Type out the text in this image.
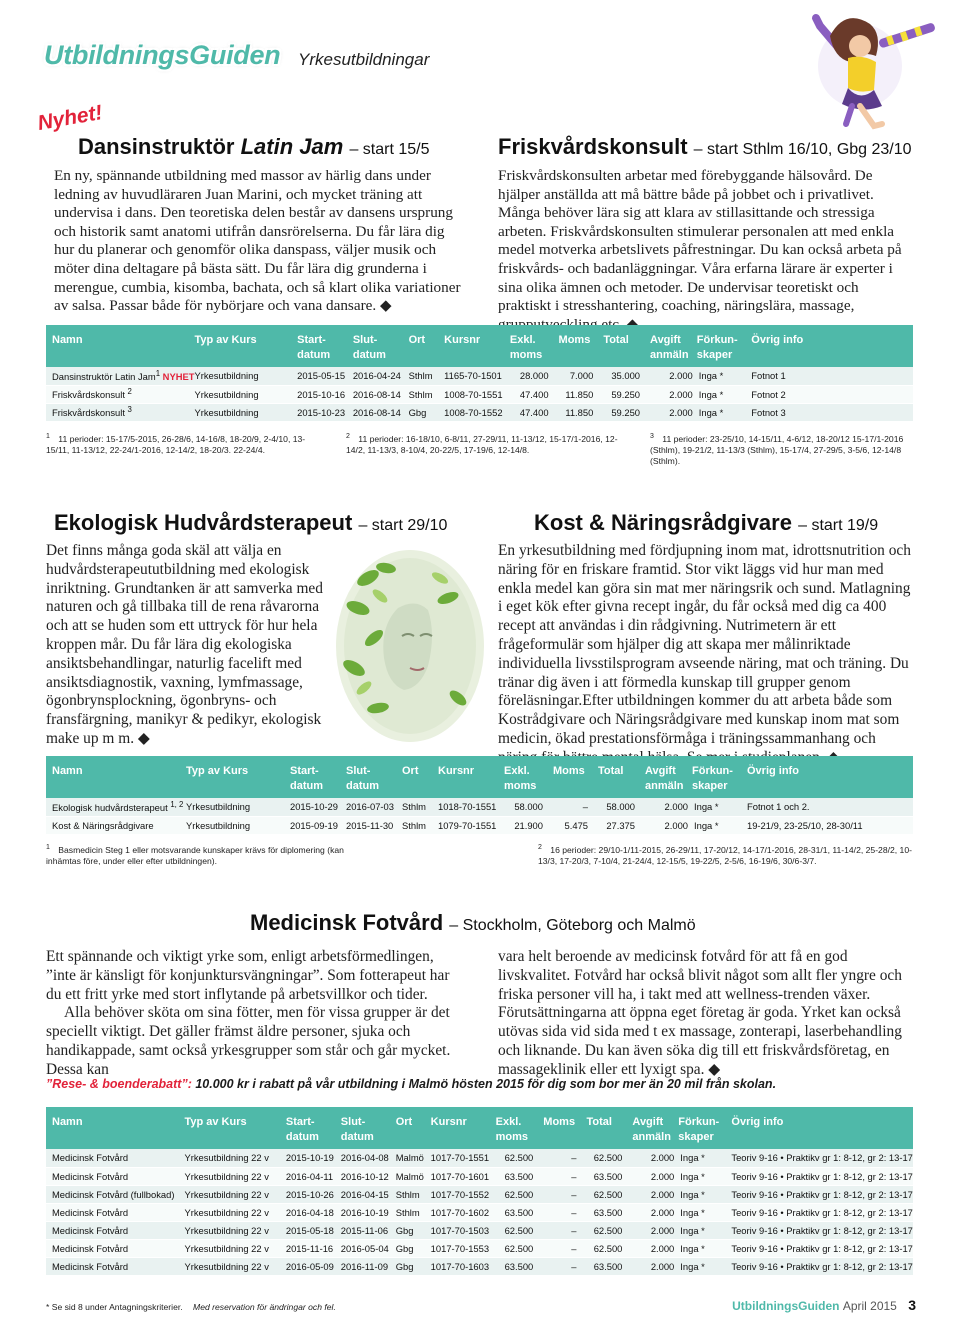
UtbildningsGuiden Yrkesutbildningar
Nyhet!
Dansinstruktör Latin Jam – start 15/5
En ny, spännande utbildning med massor av härlig dans under ledning av huvudläraren Juan Marini, och mycket träning att undervisa i dans. Den teoretiska delen består av dansens ursprung och historik samt anatomi utifrån dansrörelserna. Du får lära dig hur du planerar och genomför olika danspass, väljer musik och möter dina deltagare på bästa sätt. Du får lära dig grunderna i merengue, cumbia, kisomba, bachata, och så klart olika variationer av salsa. Passar både för nybörjare och vana dansare. ◆
Friskvårdskonsult – start Sthlm 16/10, Gbg 23/10
Friskvårdskonsulten arbetar med förebyggande hälsovård. De hjälper anställda att må bättre både på jobbet och i privatlivet. Många behöver lära sig att klara av stillasittande och stressiga arbeten. Friskvårdskonsulten stimulerar personalen att med enkla medel motverka arbetslivets påfrestningar. Du kan också arbeta på friskvårds- och badanläggningar. Våra erfarna lärare är experter i sina olika ämnen och metoder. De undervisar teoretiskt och praktiskt i stresshantering, coaching, näringslära, massage, grupputveckling etc. ◆
Namn	Typ av Kurs	Start-
datum	Slut-
datum	Ort	Kursnr	Exkl.
moms	Moms	Total	Avgift
anmäln	Förkun-
skaper	Övrig info
Dansinstruktör Latin Jam$^1$ NYHET	Yrkesutbildning	2015-05-15	2016-04-24	Sthlm	1165-70-1501	28.000	7.000	35.000	2.000	Inga *	Fotnot 1
Friskvårdskonsult $^2$	Yrkesutbildning	2015-10-16	2016-08-14	Sthlm	1008-70-1551	47.400	11.850	59.250	2.000	Inga *	Fotnot 2
Friskvårdskonsult $^3$	Yrkesutbildning	2015-10-23	2016-08-14	Gbg	1008-70-1552	47.400	11.850	59.250	2.000	Inga *	Fotnot 3
$^1$ 11 perioder: 15-17/5-2015, 26-28/6, 14-16/8, 18-20/9, 2-4/10, 13-15/11, 11-13/12, 22-24/1-2016, 12-14/2, 18-20/3. 22-24/4.
$^2$ 11 perioder: 16-18/10, 6-8/11, 27-29/11, 11-13/12, 15-17/1-2016, 12-14/2, 11-13/3, 8-10/4, 20-22/5, 17-19/6, 12-14/8.
$^3$ 11 perioder: 23-25/10, 14-15/11, 4-6/12, 18-20/12 15-17/1-2016 (Sthlm), 19-21/2, 11-13/3 (Sthlm), 15-17/4, 27-29/5, 3-5/6, 12-14/8 (Sthlm).
Ekologisk Hudvårdsterapeut – start 29/10
Det finns många goda skäl att välja en hudvårdsterapeututbildning med ekologisk inriktning. Grundtanken är att samverka med naturen och gå tillbaka till de rena råvarorna och att se huden som ett uttryck för hur hela kroppen mår. Du får lära dig ekologiska ansiktsbehandlingar, naturlig facelift med ansiktsdiagnostik, vaxning, lymfmassage, ögonbrynsplockning, ögonbryns- och fransfärgning, manikyr & pedikyr, ekologisk make up m m. ◆
Kost & Näringsrådgivare – start 19/9
En yrkesutbildning med fördjupning inom mat, idrottsnutrition och näring för en friskare framtid. Stor vikt läggs vid hur man med enkla medel kan göra sin mat mer näringsrik och sund. Matlagning i eget kök efter givna recept ingår, du får också med dig ca 400 recept att användas i din rådgivning. Nutrimetern är ett frågeformulär som hjälper dig att skapa mer målinriktade individuella livsstilsprogram avseende näring, mat och träning. Du tränar dig även i att förmedla kunskap till grupper genom föreläsningar.Efter utbildningen kommer du att arbeta både som Kostrådgivare och Näringsrådgivare med kunskap inom mat som medicin, ökad prestationsförmåga i träningssammanhang och näring för bättre mental hälsa. Se mer i studieplanen. ◆
Namn	Typ av Kurs	Start-
datum	Slut-
datum	Ort	Kursnr	Exkl.
moms	Moms	Total	Avgift
anmäln	Förkun-
skaper	Övrig info
Ekologisk hudvårdsterapeut $^{1, 2}$	Yrkesutbildning	2015-10-29	2016-07-03	Sthlm	1018-70-1551	58.000	–	58.000	2.000	Inga *	Fotnot 1 och 2.
Kost & Näringsrådgivare	Yrkesutbildning	2015-09-19	2015-11-30	Sthlm	1079-70-1551	21.900	5.475	27.375	2.000	Inga *	19-21/9, 23-25/10, 28-30/11
$^1$ Basmedicin Steg 1 eller motsvarande kunskaper krävs för diplomering (kan inhämtas före, under eller efter utbildningen).
$^2$ 16 perioder: 29/10-1/11-2015, 26-29/11, 17-20/12, 14-17/1-2016, 28-31/1, 11-14/2, 25-28/2, 10-13/3, 17-20/3, 7-10/4, 21-24/4, 12-15/5, 19-22/5, 2-5/6, 16-19/6, 30/6-3/7.
Medicinsk Fotvård – Stockholm, Göteborg och Malmö

Ett spännande och viktigt yrke som, enligt arbetsförmedlingen, ”inte är känsligt för konjunktursvängningar”. Som fotterapeut har du ett fritt yrke med stort inflytande på arbetsvillkor och tider.

Alla behöver sköta om sina fötter, men för vissa grupper är det speciellt viktigt. Det gäller främst äldre personer, sjuka och handikappade, samt också yrkesgrupper som står och går mycket. Dessa kan

vara helt beroende av medicinsk fotvård för att få en god livskvalitet. Fotvård har också blivit något som allt fler yngre och friska personer vill ha, i takt med att wellness-trenden växer. Förutsättningarna att öppna eget företag är goda. Yrket kan också utövas sida vid sida med t ex massage, zonterapi, laserbehandling och liknande. Du kan även söka dig till ett friskvårdsföretag, en massageklinik eller ett lyxigt spa. ◆
”Rese- & boenderabatt”: 10.000 kr i rabatt på vår utbildning i Malmö hösten 2015 för dig som bor mer än 20 mil från skolan.
Namn	Typ av Kurs	Start-
datum	Slut-
datum	Ort	Kursnr	Exkl.
moms	Moms	Total	Avgift
anmäln	Förkun-
skaper	Övrig info
Medicinsk Fotvård	Yrkesutbildning 22 v	2015-10-19	2016-04-08	Malmö	1017-70-1551	62.500	–	62.500	2.000	Inga *	Teoriv 9-16 • Praktikv gr 1: 8-12, gr 2: 13-17
Medicinsk Fotvård	Yrkesutbildning 22 v	2016-04-11	2016-10-12	Malmö	1017-70-1601	63.500	–	63.500	2.000	Inga *	Teoriv 9-16 • Praktikv gr 1: 8-12, gr 2: 13-17
Medicinsk Fotvård (fullbokad)	Yrkesutbildning 22 v	2015-10-26	2016-04-15	Sthlm	1017-70-1552	62.500	–	62.500	2.000	Inga *	Teoriv 9-16 • Praktikv gr 1: 8-12, gr 2: 13-17
Medicinsk Fotvård	Yrkesutbildning 22 v	2016-04-18	2016-10-19	Sthlm	1017-70-1602	63.500	–	63.500	2.000	Inga *	Teoriv 9-16 • Praktikv gr 1: 8-12, gr 2: 13-17
Medicinsk Fotvård	Yrkesutbildning 22 v	2015-05-18	2015-11-06	Gbg	1017-70-1503	62.500	–	62.500	2.000	Inga *	Teoriv 9-16 • Praktikv gr 1: 8-12, gr 2: 13-17
Medicinsk Fotvård	Yrkesutbildning 22 v	2015-11-16	2016-05-04	Gbg	1017-70-1553	62.500	–	62.500	2.000	Inga *	Teoriv 9-16 • Praktikv gr 1: 8-12, gr 2: 13-17
Medicinsk Fotvård	Yrkesutbildning 22 v	2016-05-09	2016-11-09	Gbg	1017-70-1603	63.500	–	63.500	2.000	Inga *	Teoriv 9-16 • Praktikv gr 1: 8-12, gr 2: 13-17
* Se sid 8 under Antagningskriterier. Med reservation för ändringar och fel.	UtbildningsGuiden April 2015 3
